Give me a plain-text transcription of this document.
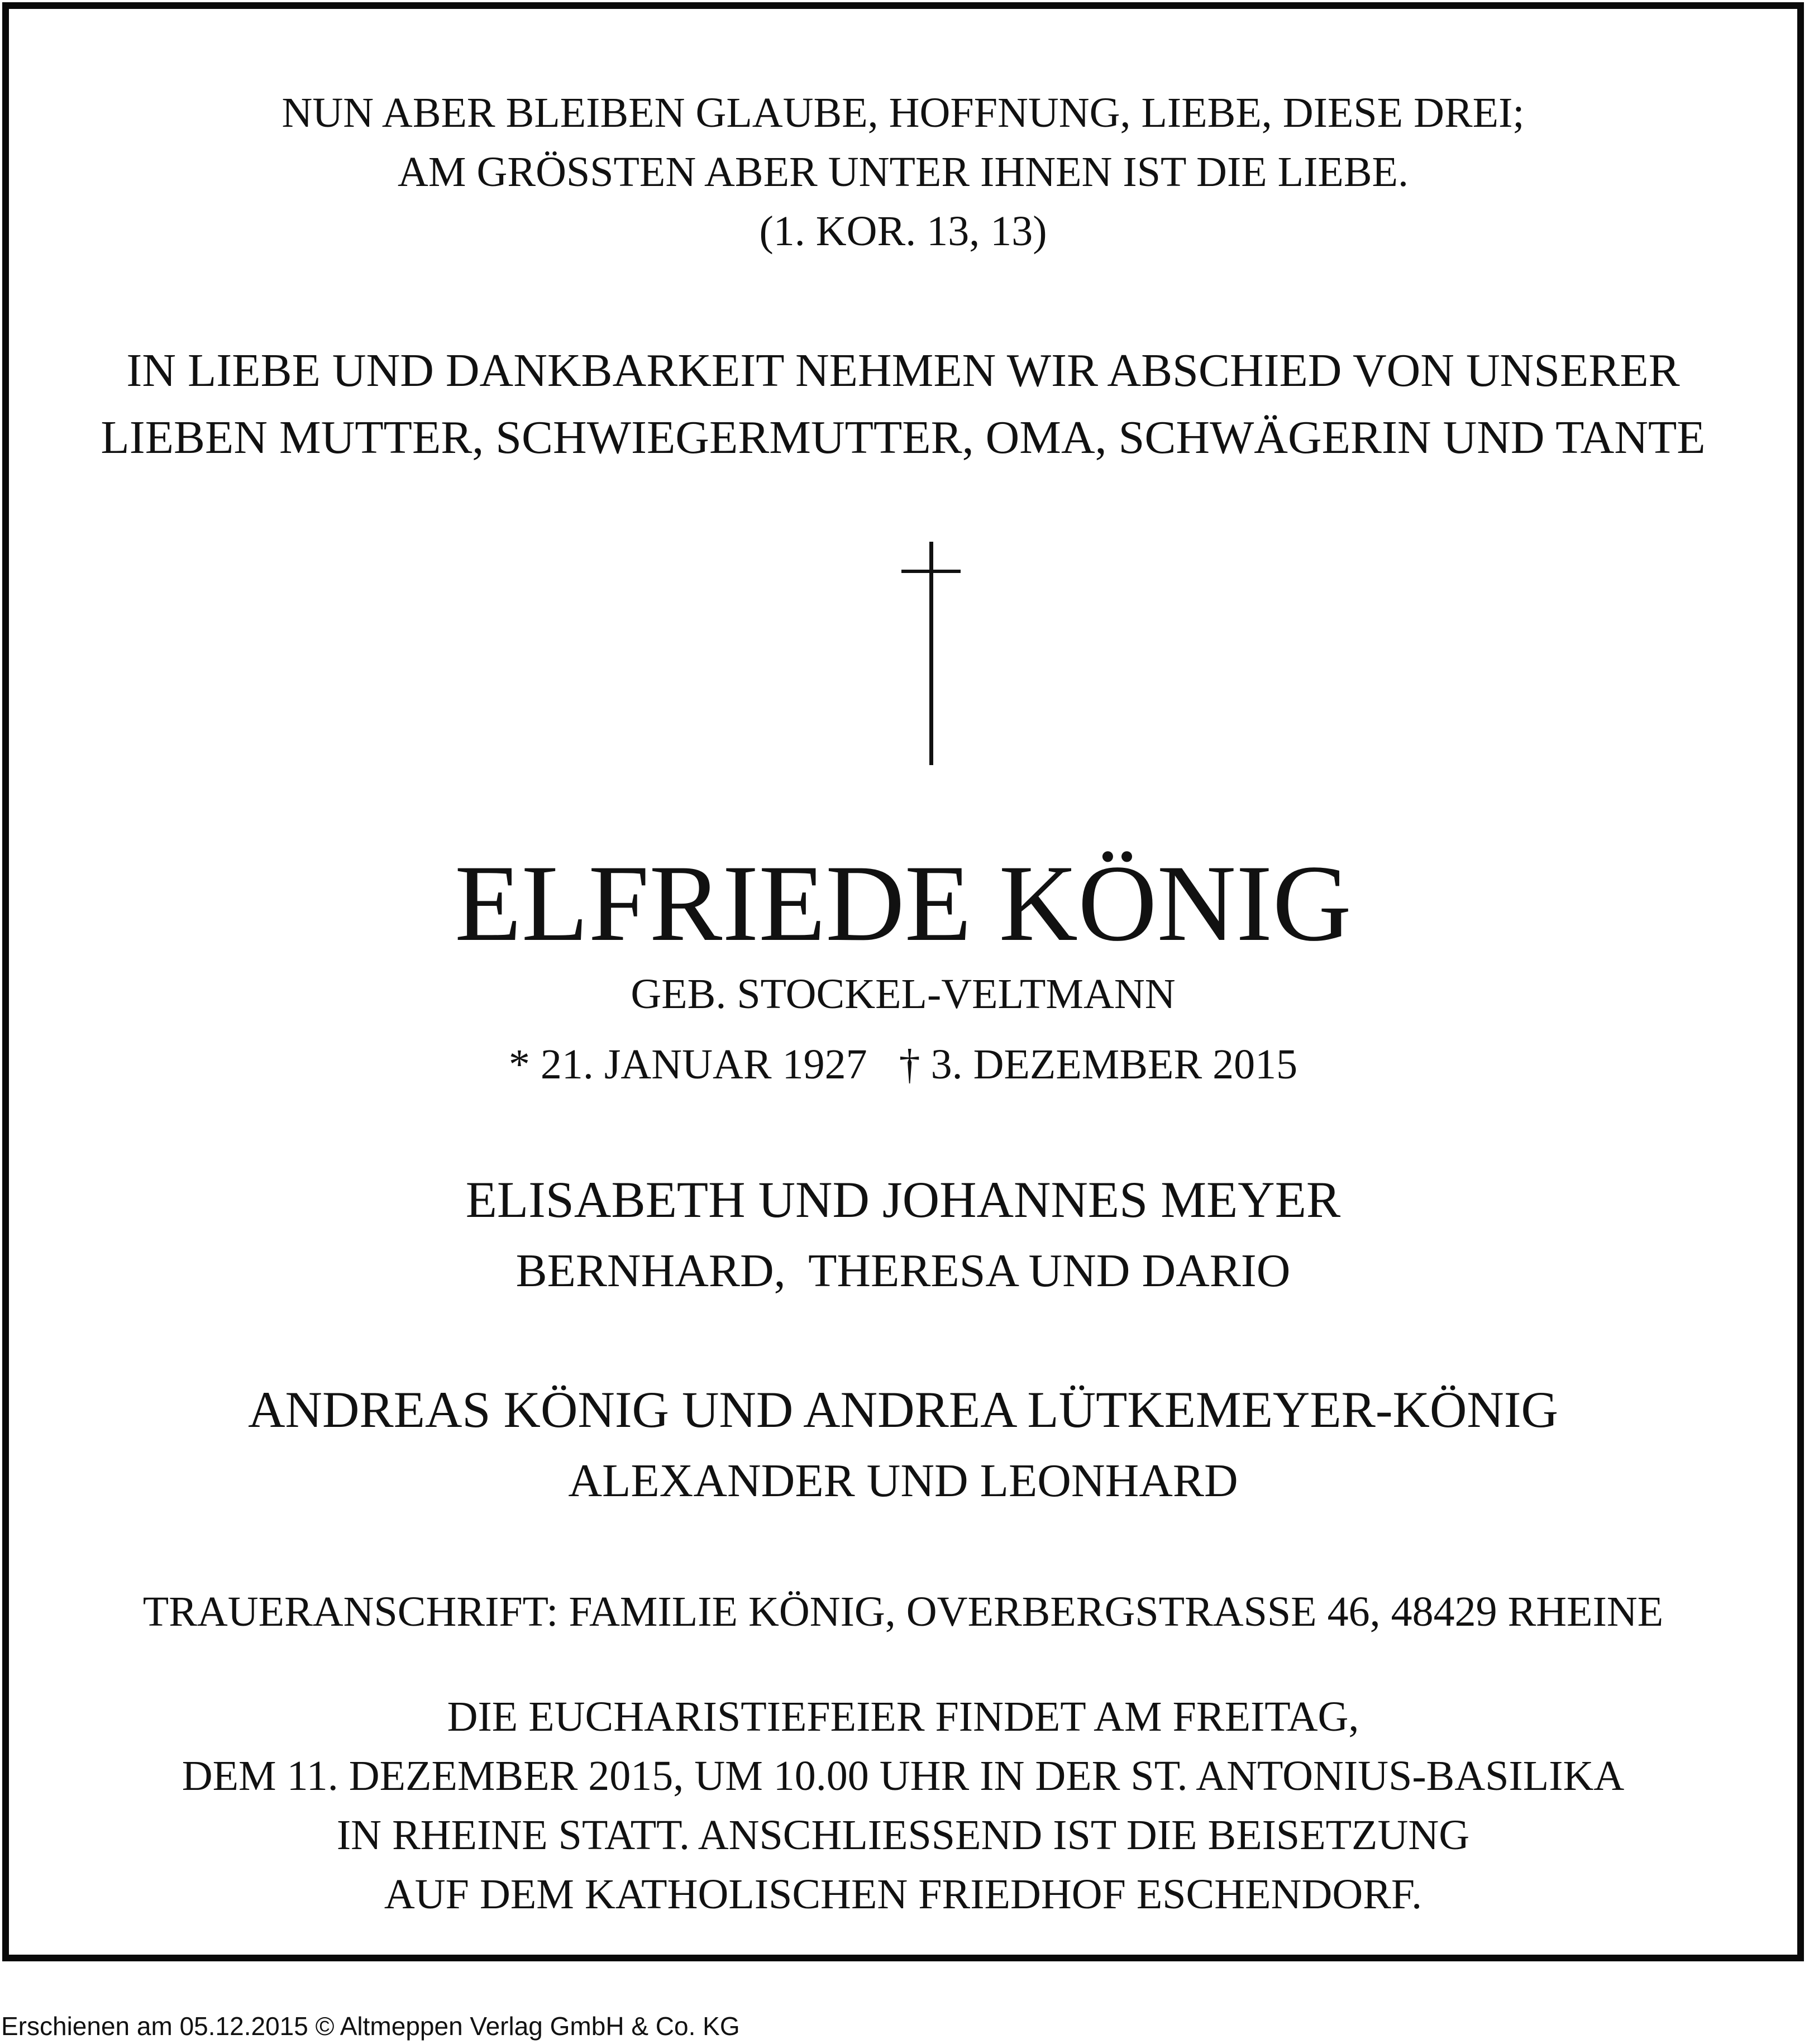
NUN ABER BLEIBEN GLAUBE, HOFFNUNG, LIEBE, DIESE DREI;
AM GRÖSSTEN ABER UNTER IHNEN IST DIE LIEBE.
(1. KOR. 13, 13)
IN LIEBE UND DANKBARKEIT NEHMEN WIR ABSCHIED VON UNSERER
LIEBEN MUTTER, SCHWIEGERMUTTER, OMA, SCHWÄGERIN UND TANTE
ELFRIEDE KÖNIG
GEB. STOCKEL-VELTMANN
* 21. JANUAR 1927   † 3. DEZEMBER 2015
ELISABETH UND JOHANNES MEYER
BERNHARD,  THERESA UND DARIO
ANDREAS KÖNIG UND ANDREA LÜTKEMEYER-KÖNIG
ALEXANDER UND LEONHARD
TRAUERANSCHRIFT: FAMILIE KÖNIG, OVERBERGSTRASSE 46, 48429 RHEINE
DIE EUCHARISTIEFEIER FINDET AM FREITAG,
DEM 11. DEZEMBER 2015, UM 10.00 UHR IN DER ST. ANTONIUS-BASILIKA
IN RHEINE STATT. ANSCHLIESSEND IST DIE BEISETZUNG
AUF DEM KATHOLISCHEN FRIEDHOF ESCHENDORF.
Erschienen am 05.12.2015 © Altmeppen Verlag GmbH & Co. KG
